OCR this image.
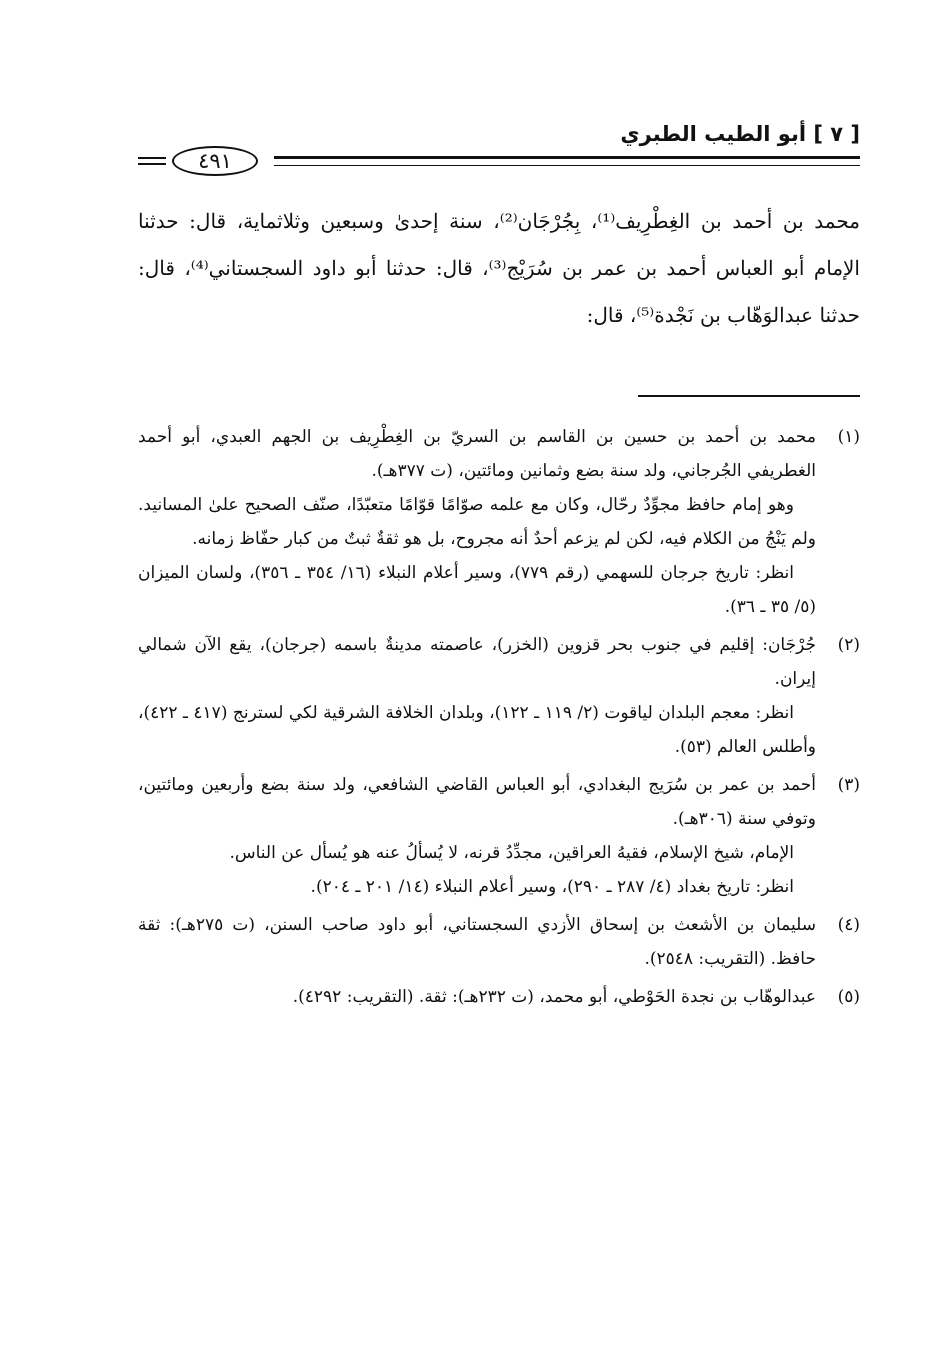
[ ٧ ] أبو الطيب الطبري
٤٩١

محمد بن أحمد بن الغِطْرِيف⁽¹⁾، بِجُرْجَان⁽²⁾، سنة إحدىٰ وسبعين وثلاثماية، قال: حدثنا الإمام أبو العباس أحمد بن عمر بن سُرَيْج⁽³⁾، قال: حدثنا أبو داود السجستاني⁽⁴⁾، قال: حدثنا عبدالوَهّاب بن نَجْدة⁽⁵⁾، قال:

(١)

محمد بن أحمد بن حسين بن القاسم بن السريّ بن الغِطْرِيف بن الجهم العبدي، أبو أحمد الغطريفي الجُرجاني، ولد سنة بضع وثمانين ومائتين، (ت ٣٧٧هـ).

وهو إمام حافظ مجوِّدٌ رحّال، وكان مع علمه صوّامًا قوّامًا متعبّدًا، صنّف الصحيح علىٰ المسانيد. ولم يَنْجُ من الكلام فيه، لكن لم يزعم أحدٌ أنه مجروح، بل هو ثقةٌ ثبتٌ من كبار حفّاظ زمانه.

انظر: تاريخ جرجان للسهمي (رقم ٧٧٩)، وسير أعلام النبلاء (١٦/ ٣٥٤ ـ ٣٥٦)، ولسان الميزان (٥/ ٣٥ ـ ٣٦).

(٢)

جُرْجَان: إقليم في جنوب بحر قزوين (الخزر)، عاصمته مدينةٌ باسمه (جرجان)، يقع الآن شمالي إيران.

انظر: معجم البلدان لياقوت (٢/ ١١٩ ـ ١٢٢)، وبلدان الخلافة الشرقية لكي لسترنج (٤١٧ ـ ٤٢٢)، وأطلس العالم (٥٣).

(٣)

أحمد بن عمر بن سُرَيج البغدادي، أبو العباس القاضي الشافعي، ولد سنة بضع وأربعين ومائتين، وتوفي سنة (٣٠٦هـ).

الإمام، شيخ الإسلام، فقيهُ العراقين، مجدِّدُ قرنه، لا يُسألُ عنه هو يُسأل عن الناس.

انظر: تاريخ بغداد (٤/ ٢٨٧ ـ ٢٩٠)، وسير أعلام النبلاء (١٤/ ٢٠١ ـ ٢٠٤).

(٤)

سليمان بن الأشعث بن إسحاق الأزدي السجستاني، أبو داود صاحب السنن، (ت ٢٧٥هـ): ثقة حافظ. (التقريب: ٢٥٤٨).

(٥)

عبدالوهّاب بن نجدة الحَوْطي، أبو محمد، (ت ٢٣٢هـ): ثقة. (التقريب: ٤٢٩٢).
